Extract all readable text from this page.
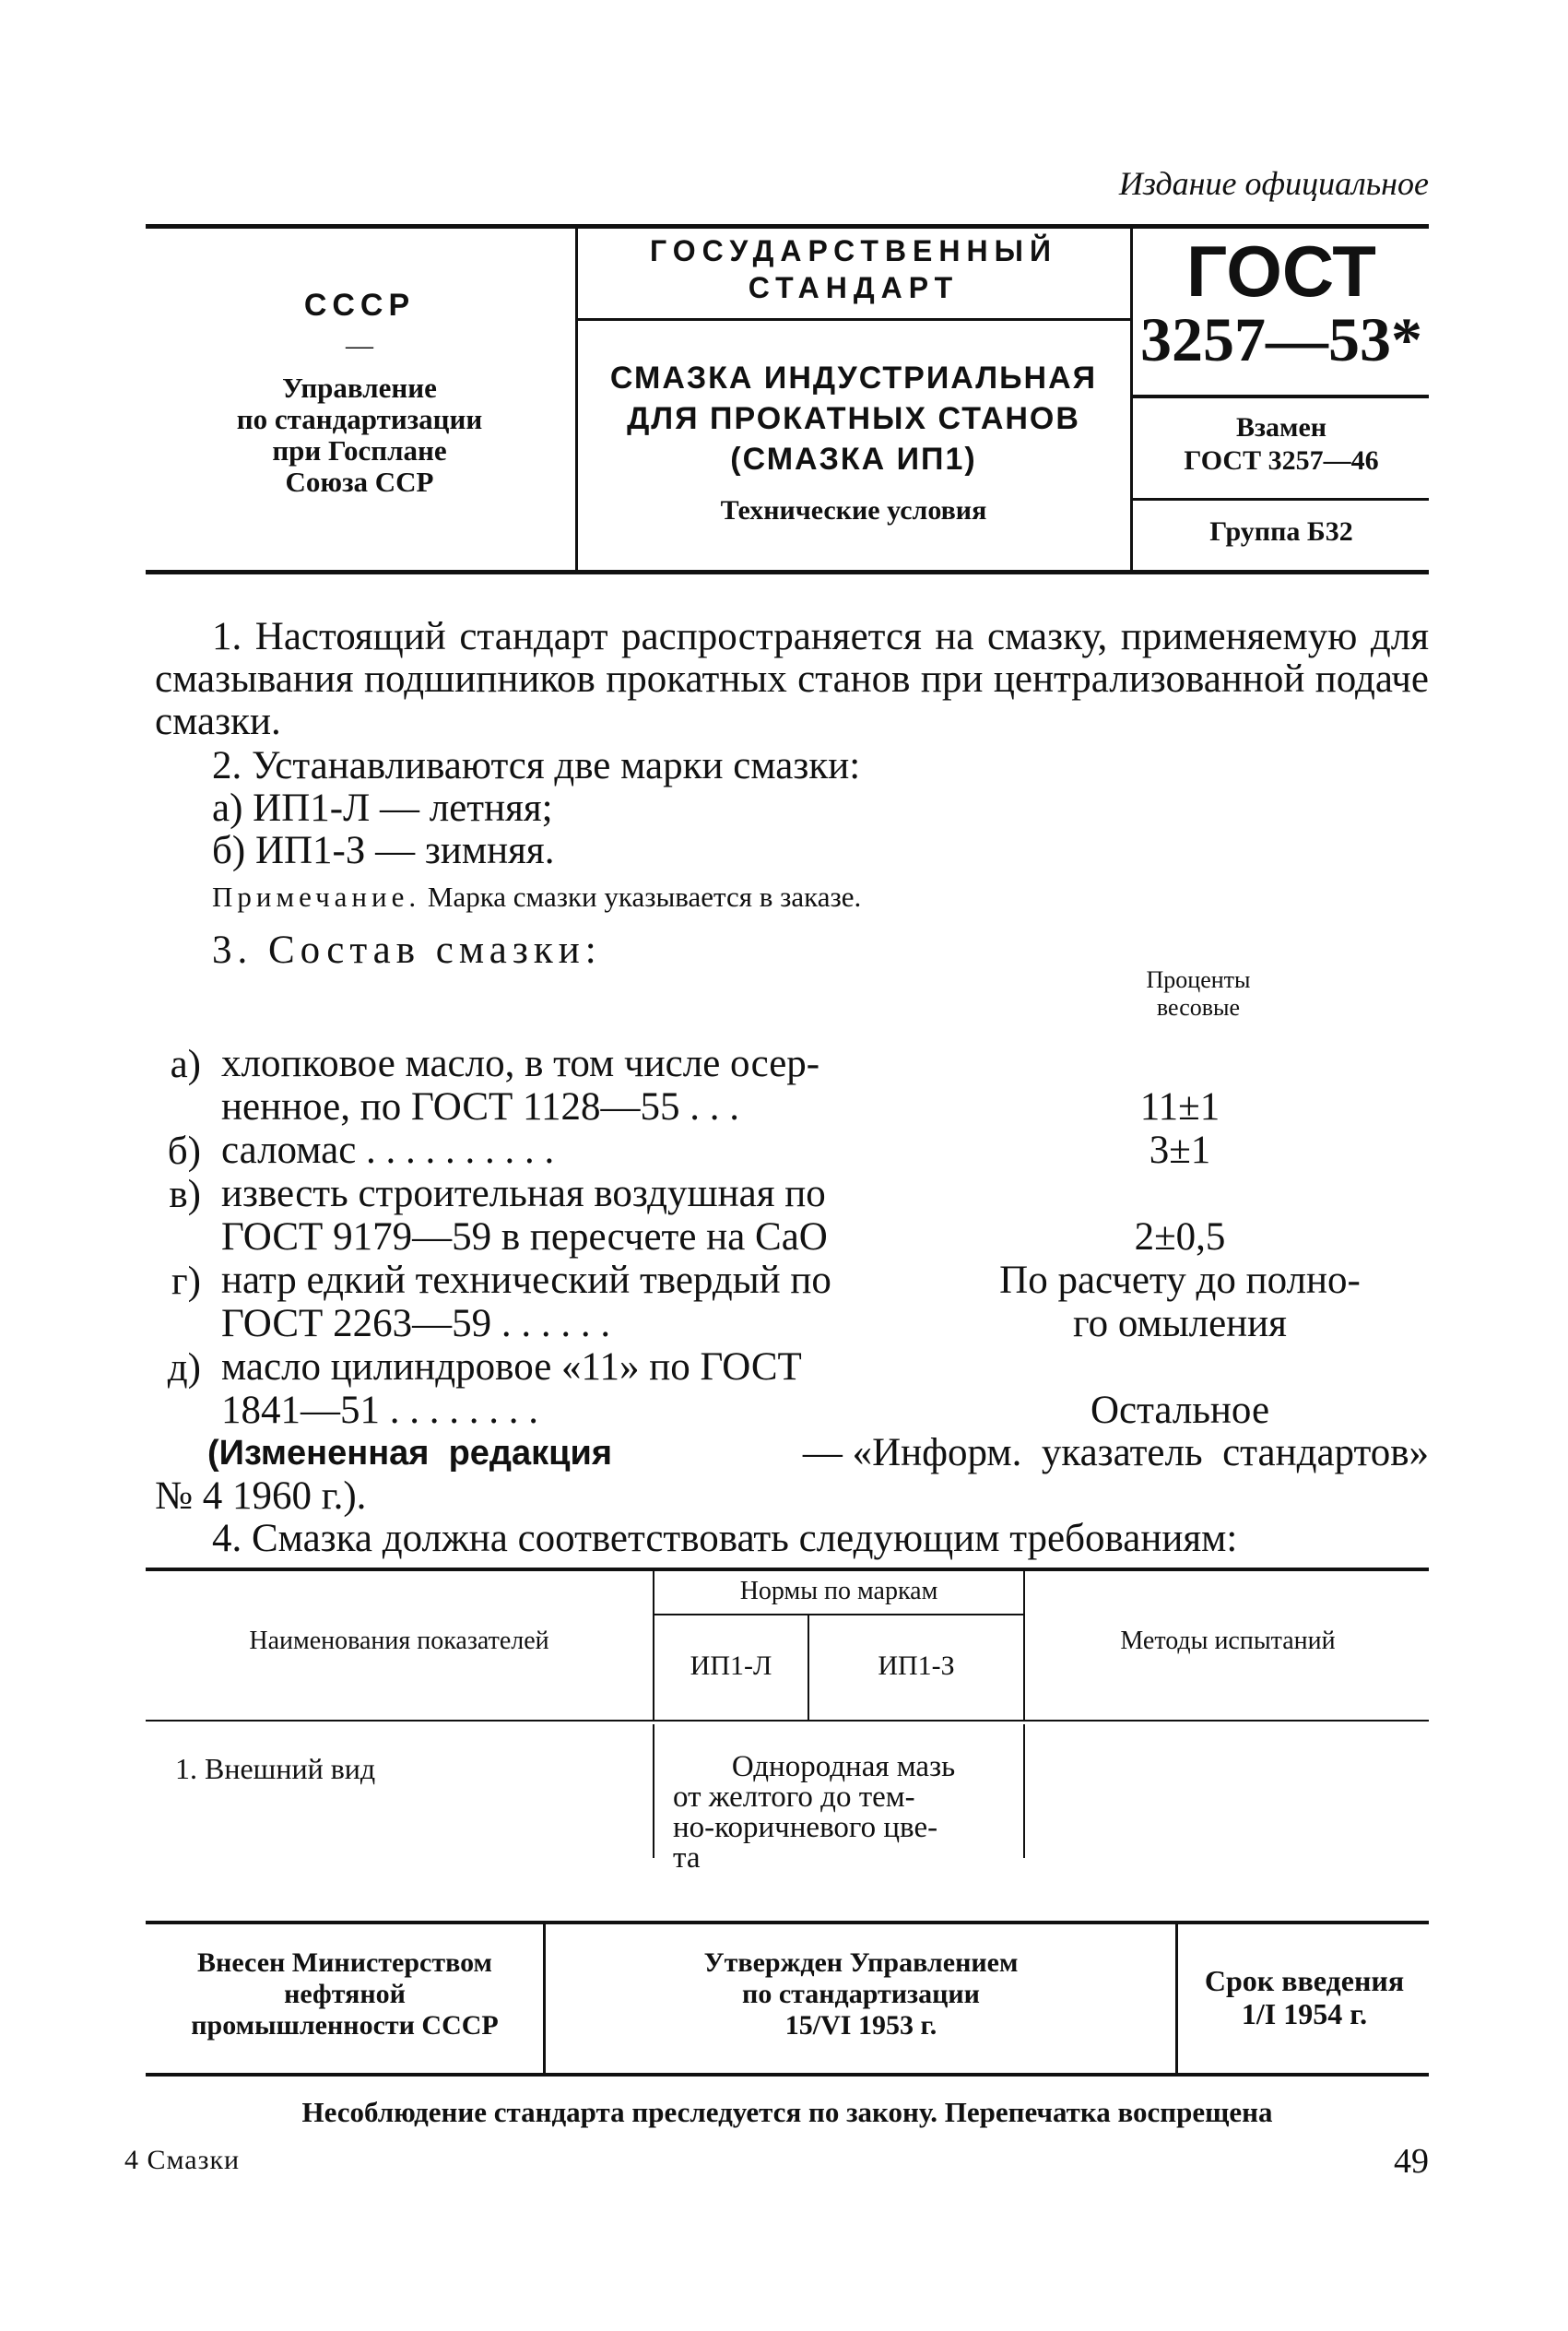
Издание официальное
СССР
—
Управление
по стандартизации
при Госплане
Союза ССР
ГОСУДАРСТВЕННЫЙ
СТАНДАРТ
СМАЗКА ИНДУСТРИАЛЬНАЯ
ДЛЯ ПРОКАТНЫХ СТАНОВ
(СМАЗКА ИП1)
Технические условия
ГОСТ
3257—53*
Взамен
ГОСТ 3257—46
Группа Б32
1. Настоящий стандарт распространяется на смазку, применяемую для смазывания подшипников прокатных станов при централизованной подаче смазки.
2. Устанавливаются две марки смазки:
а) ИП1-Л — летняя;
б) ИП1-З — зимняя.
Примечание. Марка смазки указывается в заказе.
3. Состав смазки:
Проценты
весовые
а) хлопковое масло, в том числе осер-
ненное, по ГОСТ 1128—55 . . .	11±1
б) саломас . . . . . . . . . .	3±1
в) известь строительная воздушная по
ГОСТ 9179—59 в пересчете на СаО	2±0,5
г) натр едкий технический твердый по
ГОСТ 2263—59 . . . . . .
По расчету до полно-
го омыления
д) масло цилиндровое «11» по ГОСТ
1841—51 . . . . . . . .	Остальное
(Измененная  редакция	— «Информ.  указатель  стандартов»
№ 4 1960 г.).
4. Смазка должна соответствовать следующим требованиям:
Наименования показателей
Нормы по маркам
ИП1-Л	ИП1-З
Методы испытаний
1. Внешний вид	Однородная мазь
от желтого до тем-
но-коричневого цве-
та
Внесен Министерством
нефтяной
промышленности СССР
Утвержден Управлением
по стандартизации
15/VI 1953 г.
Срок введения
1/I 1954 г.
Несоблюдение стандарта преследуется по закону. Перепечатка воспрещена
4 Смазки	49
